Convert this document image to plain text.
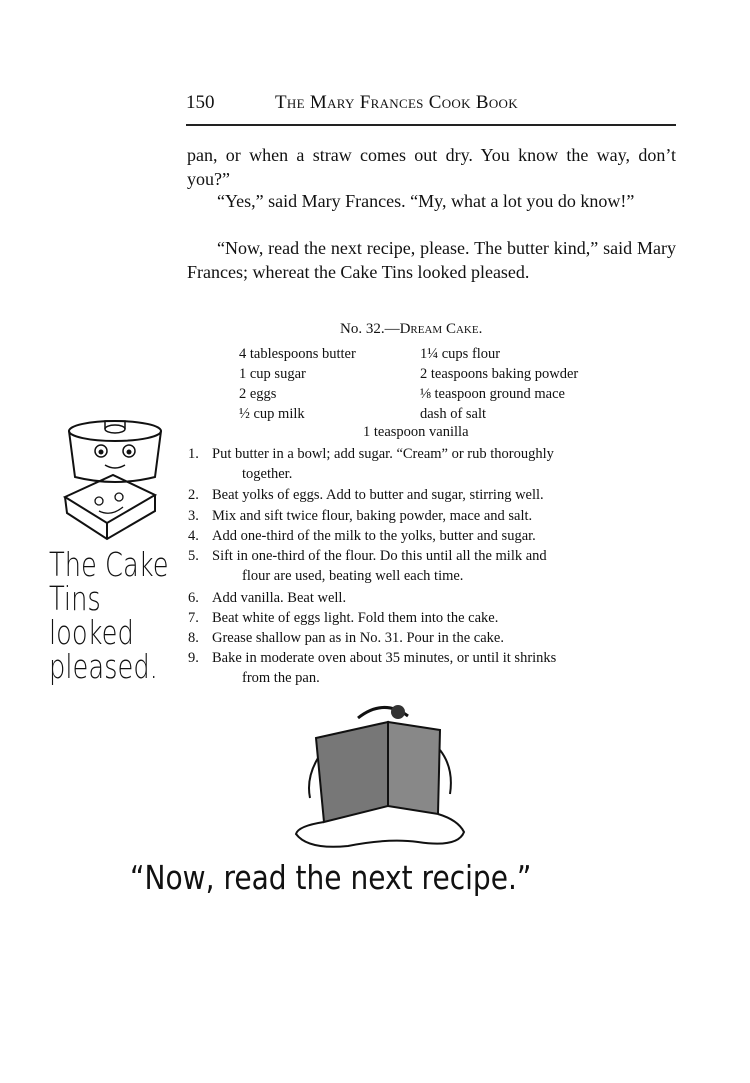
150	The Mary Frances Cook Book
pan, or when a straw comes out dry. You know the way, don’t you?”
“Yes,” said Mary Frances. “My, what a lot you do know!”
“Now, read the next recipe, please. The butter kind,” said Mary Frances; whereat the Cake Tins looked pleased.
No. 32.—Dream Cake.
4 tablespoons butter
1 cup sugar
2 eggs
½ cup milk
1¼ cups flour
2 teaspoons baking powder
⅛ teaspoon ground mace
dash of salt
1 teaspoon vanilla
1. Put butter in a bowl; add sugar. “Cream” or rub thoroughly
together.
2. Beat yolks of eggs. Add to butter and sugar, stirring well.
3. Mix and sift twice flour, baking powder, mace and salt.
4. Add one-third of the milk to the yolks, butter and sugar.
5. Sift in one-third of the flour. Do this until all the milk and
flour are used, beating well each time.
6. Add vanilla. Beat well.
7. Beat white of eggs light. Fold them into the cake.
8. Grease shallow pan as in No. 31. Pour in the cake.
9. Bake in moderate oven about 35 minutes, or until it shrinks
from the pan.
The Cake
Tins
looked
pleased.
“Now, read the next recipe.”
